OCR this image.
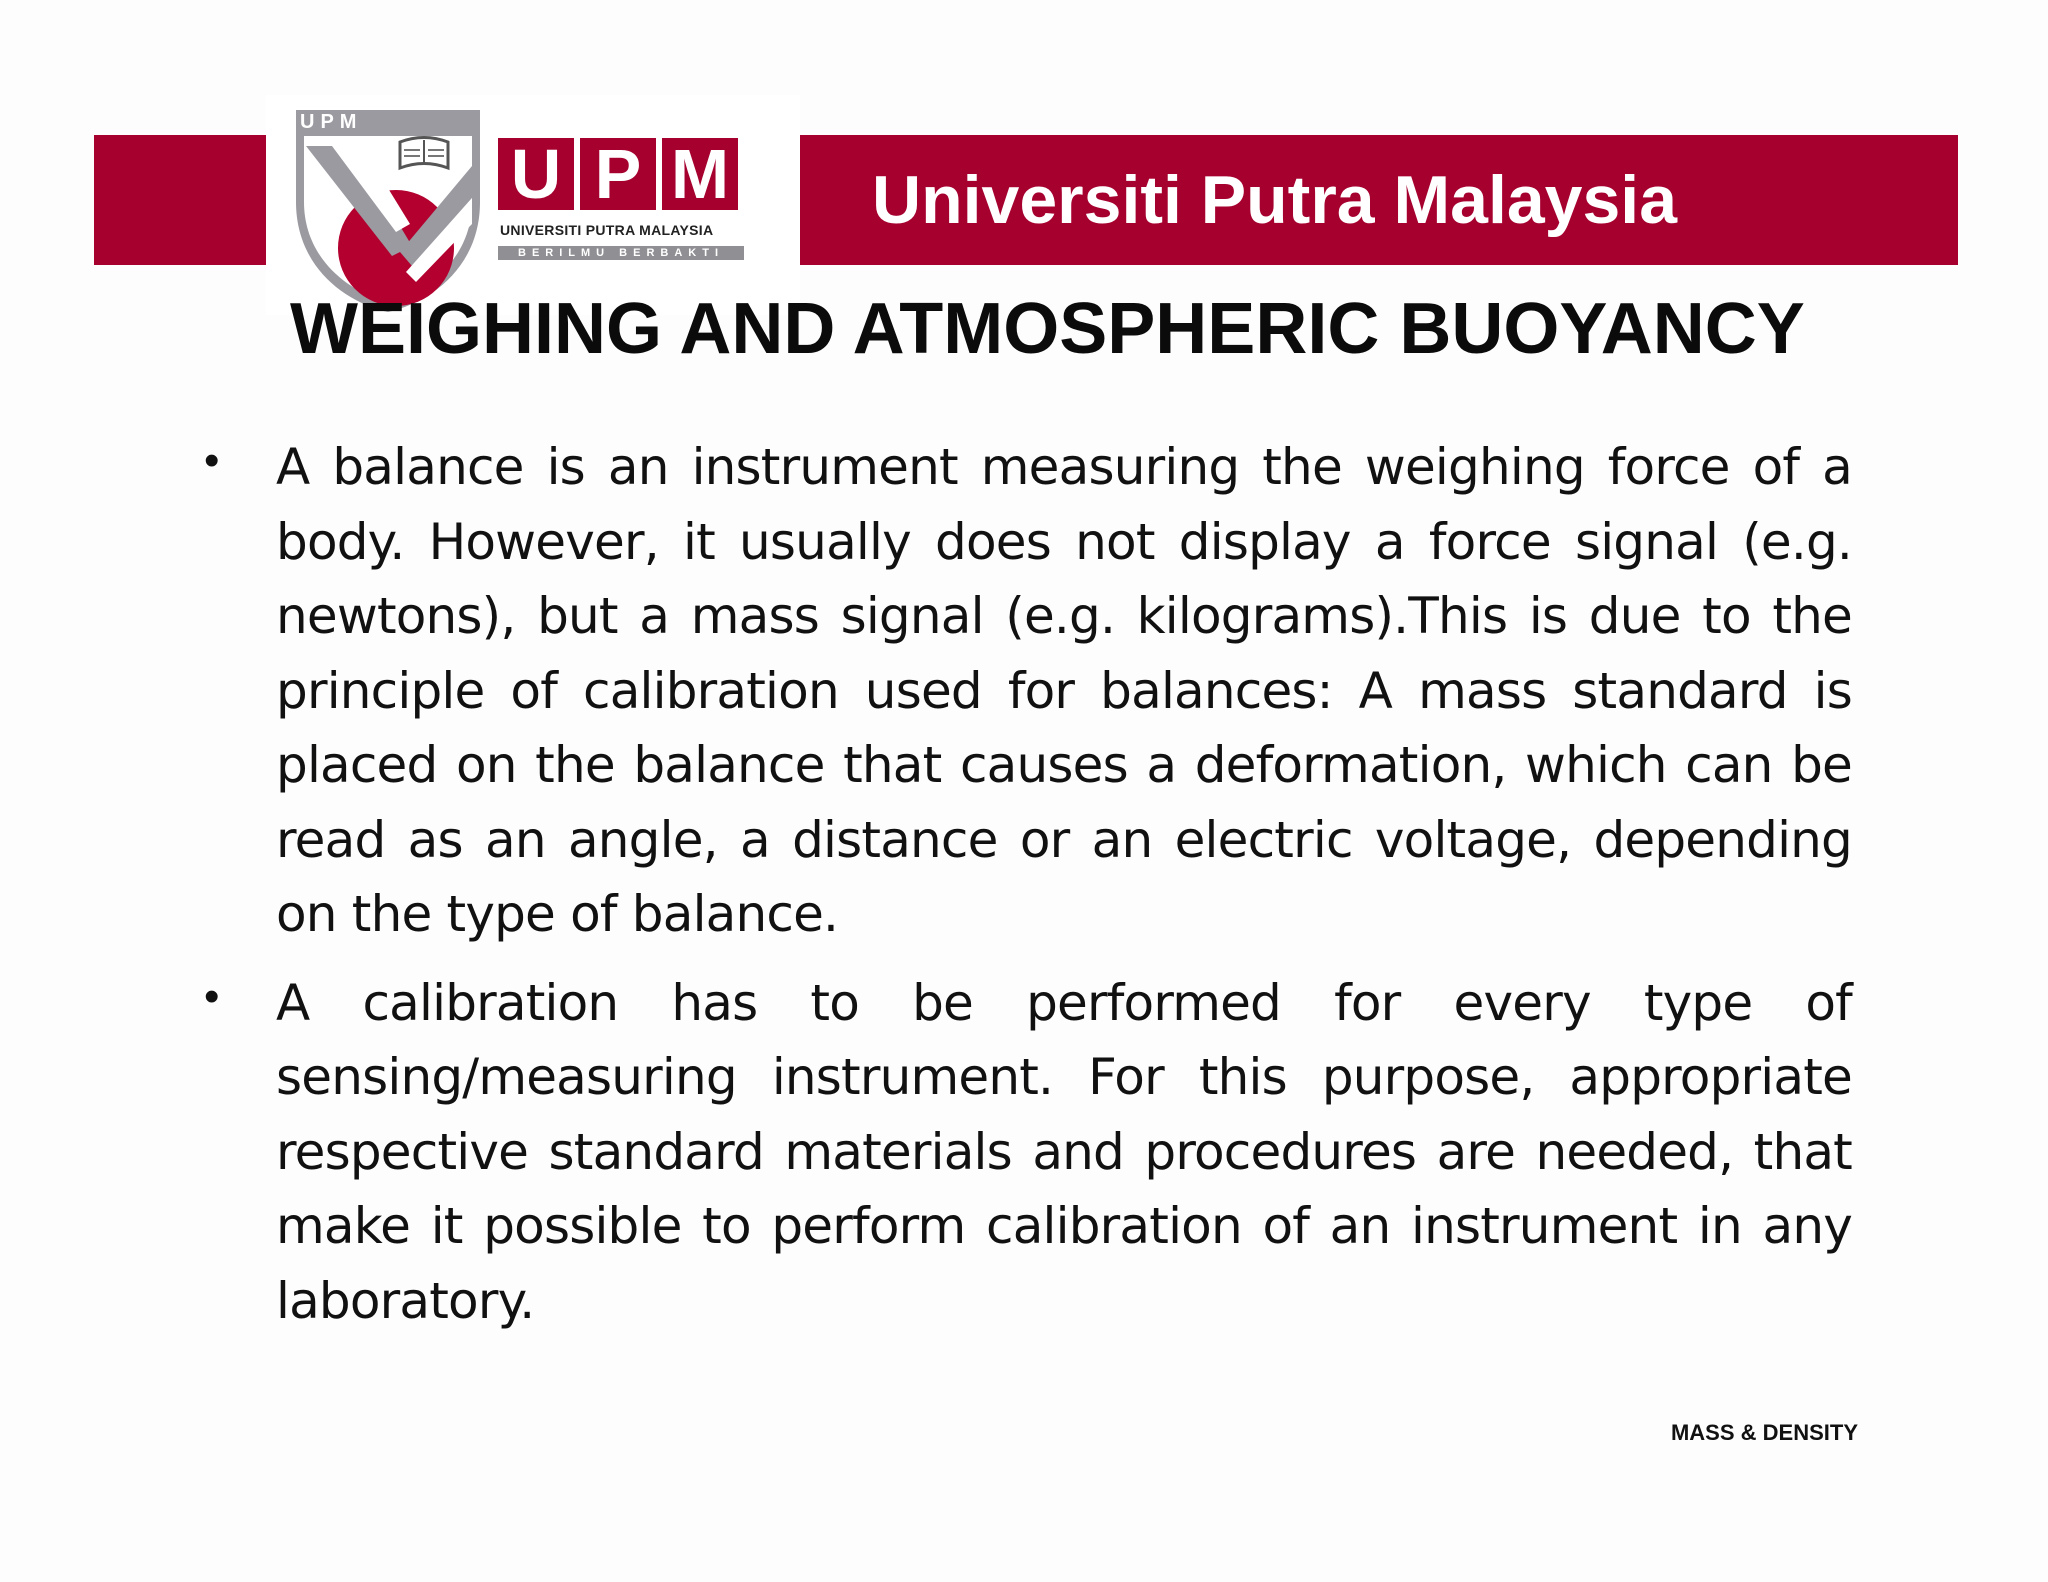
UPM
U P M
UNIVERSITI PUTRA MALAYSIA
BERILMU BERBAKTI
Universiti Putra Malaysia
WEIGHING AND ATMOSPHERIC BUOYANCY
• A balance is an instrument measuring the weighing force of a body. However, it usually does not display a force signal (e.g. newtons), but a mass signal (e.g. kilograms).This is due to the principle of calibration used for balances: A mass standard is placed on the balance that causes a deformation, which can be read as an angle, a distance or an electric voltage, depending on the type of balance.
• A calibration has to be performed for every type of sensing/measuring instrument. For this purpose, appropriate respective standard materials and procedures are needed, that make it possible to perform calibration of an instrument in any laboratory.
MASS & DENSITY
